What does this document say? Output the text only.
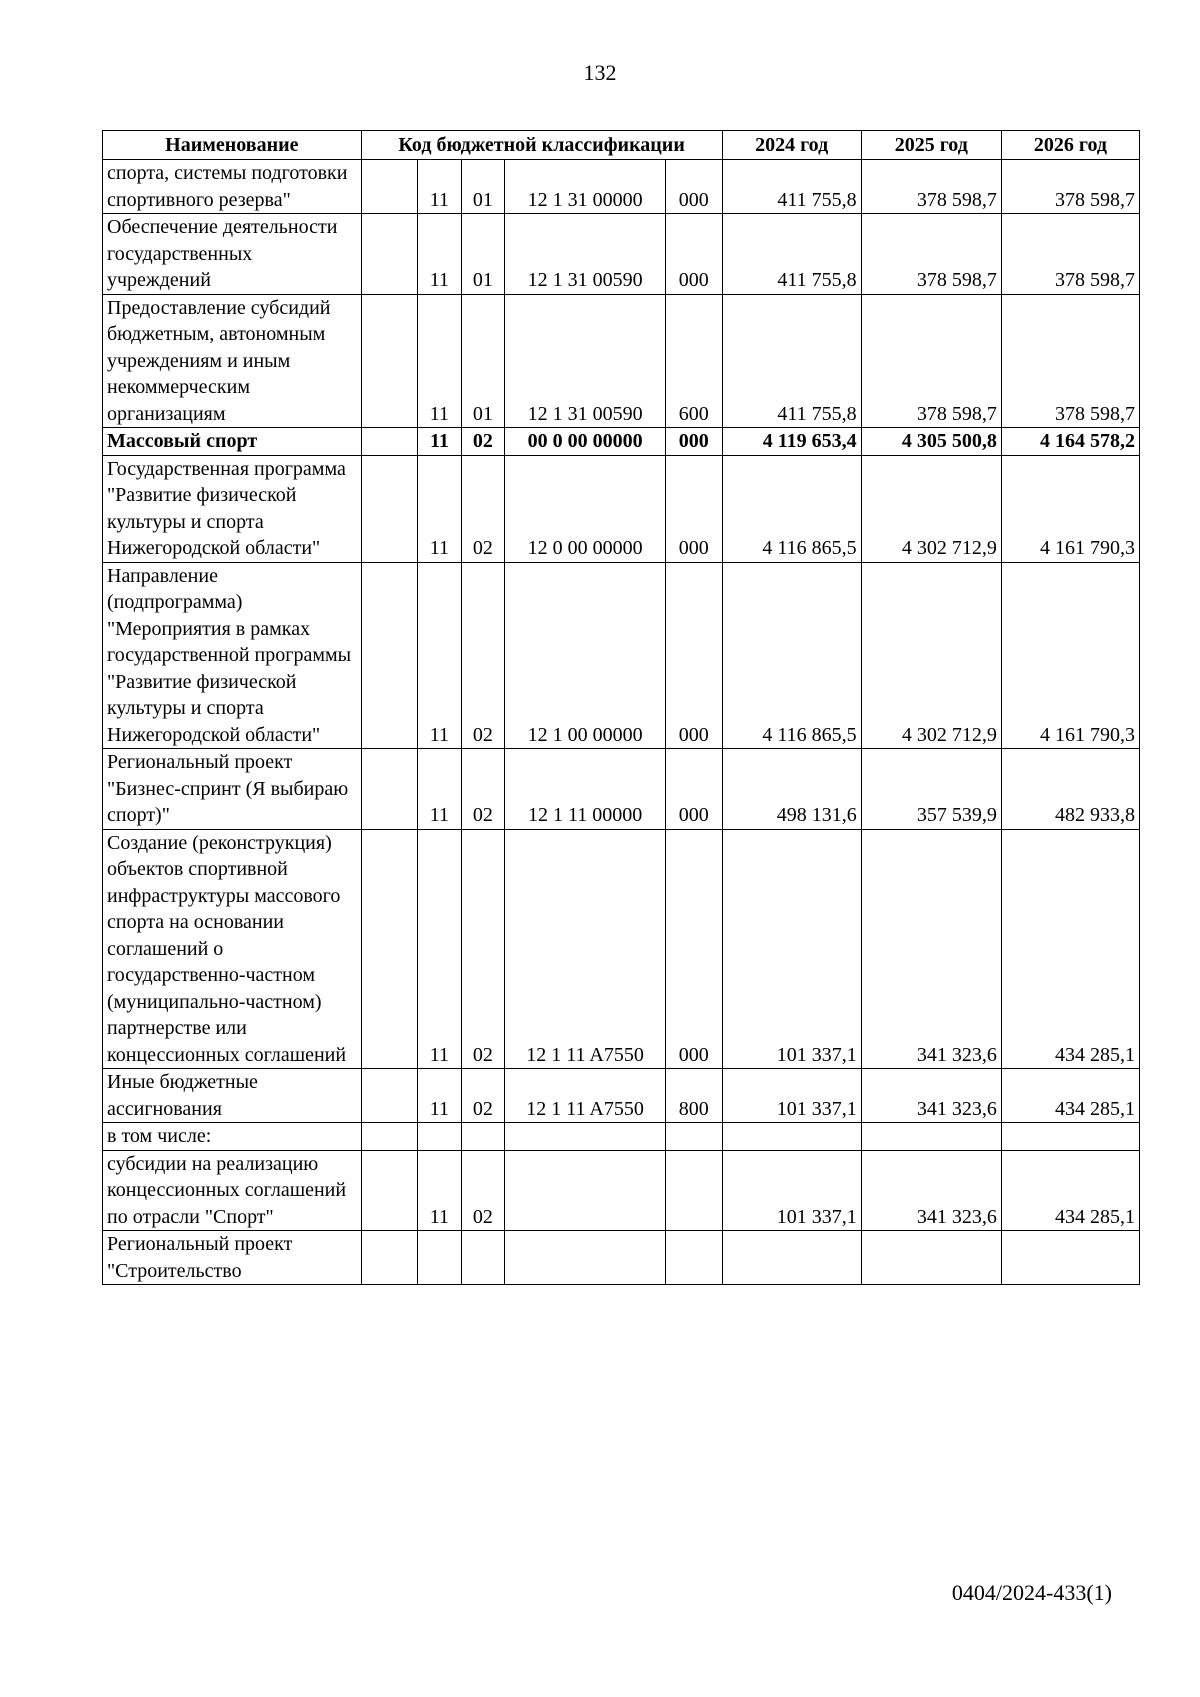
132
Наименование	Код бюджетной классификации					2024 год	2025 год	2026 год
спорта, системы подготовки спортивного резерва"		11	01	12 1 31 00000	000	411 755,8	378 598,7	378 598,7
Обеспечение деятельности государственных учреждений		11	01	12 1 31 00590	000	411 755,8	378 598,7	378 598,7
Предоставление субсидий бюджетным, автономным учреждениям и иным некоммерческим организациям		11	01	12 1 31 00590	600	411 755,8	378 598,7	378 598,7
Массовый спорт		11	02	00 0 00 00000	000	4 119 653,4	4 305 500,8	4 164 578,2
Государственная программа "Развитие физической культуры и спорта Нижегородской области"		11	02	12 0 00 00000	000	4 116 865,5	4 302 712,9	4 161 790,3
Направление (подпрограмма) "Мероприятия в рамках государственной программы "Развитие физической культуры и спорта Нижегородской области"		11	02	12 1 00 00000	000	4 116 865,5	4 302 712,9	4 161 790,3
Региональный проект "Бизнес-спринт (Я выбираю спорт)"		11	02	12 1 11 00000	000	498 131,6	357 539,9	482 933,8
Создание (реконструкция) объектов спортивной инфраструктуры массового спорта на основании соглашений о государственно-частном (муниципально-частном) партнерстве или концессионных соглашений		11	02	12 1 11 A7550	000	101 337,1	341 323,6	434 285,1
Иные бюджетные ассигнования		11	02	12 1 11 A7550	800	101 337,1	341 323,6	434 285,1
в том числе:								
субсидии на реализацию концессионных соглашений по отрасли "Спорт"		11	02			101 337,1	341 323,6	434 285,1
Региональный проект "Строительство								
0404/2024-433(1)
